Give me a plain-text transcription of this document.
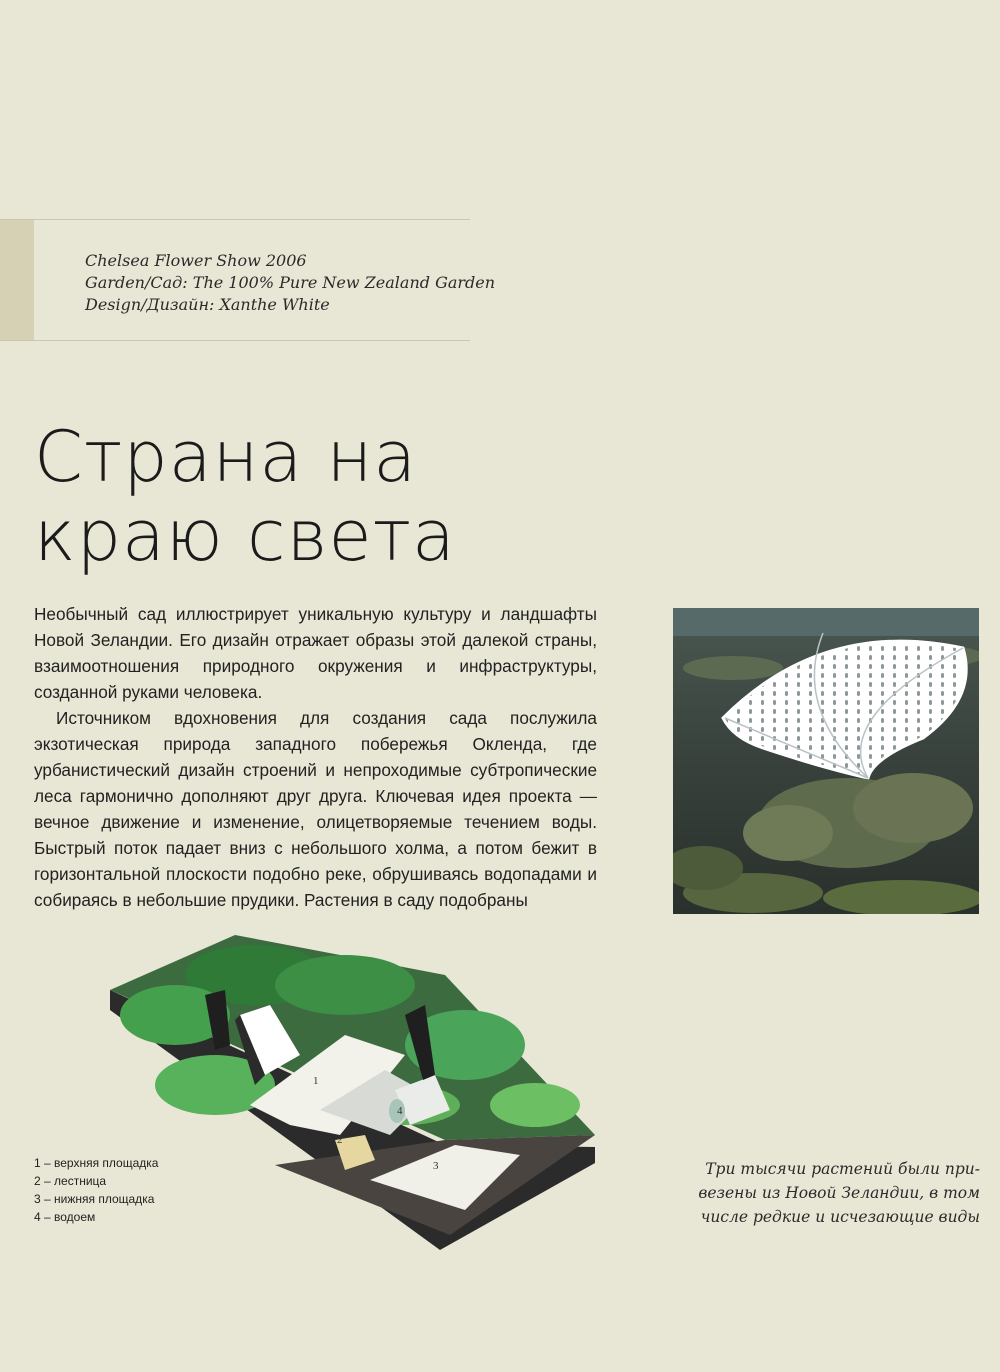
Chelsea Flower Show 2006

Garden/Сад: The 100% Pure New Zealand Garden

Design/Дизайн: Xanthe White

Страна на
краю света

Необычный сад иллюстрирует уникальную культуру и ландшафты Новой Зеландии. Его дизайн отражает образы этой далекой страны, взаимоотношения природного окружения и инфраструктуры, созданной руками человека.

Источником вдохновения для создания сада послужила экзотическая природа западного побережья Окленда, где урбанистический дизайн строений и непроходимые субтропические леса гармонично дополняют друг друга. Ключевая идея проекта — вечное движение и изменение, олицетворяемые течением воды. Быстрый поток падает вниз с небольшого холма, а потом бежит в горизонтальной плоскости подобно реке, обрушиваясь водопадами и собираясь в небольшие прудики. Растения в саду подобраны

1
2
3
4

1 – верхняя площадка

2 – лестница

3 – нижняя площадка

4 – водоем

Три тысячи растений были при-
везены из Новой Зеландии, в том
числе редкие и исчезающие виды
